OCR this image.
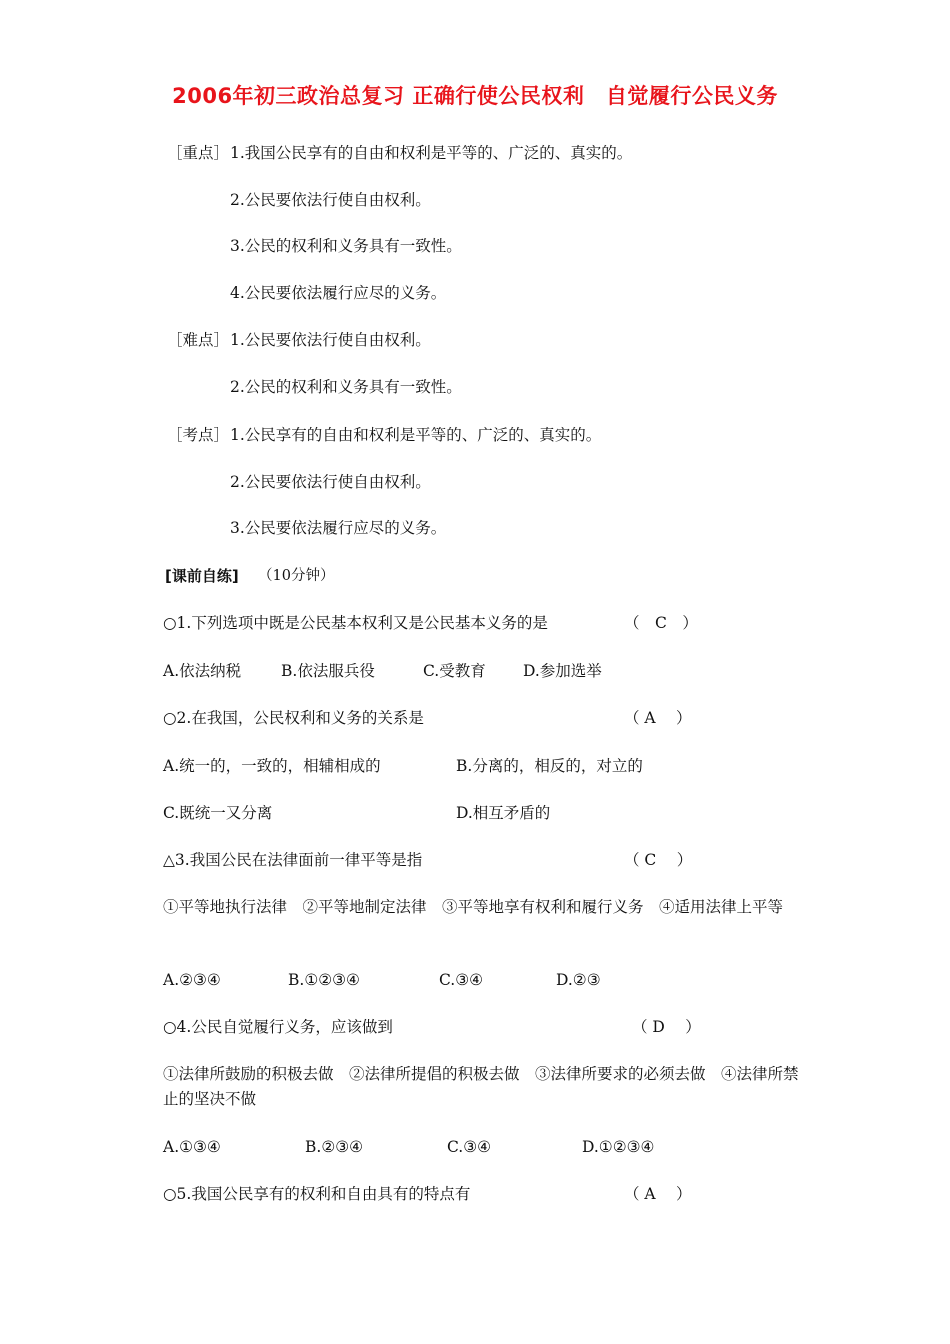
2006年初三政治总复习 正确行使公民权利　自觉履行公民义务
［重点］ 1.我国公民享有的自由和权利是平等的、广泛的、真实的。
2.公民要依法行使自由权利。
3.公民的权利和义务具有一致性。
4.公民要依法履行应尽的义务。
［难点］ 1.公民要依法行使自由权利。
2.公民的权利和义务具有一致性。
［考点］ 1.公民享有的自由和权利是平等的、广泛的、真实的。
2.公民要依法行使自由权利。
3.公民要依法履行应尽的义务。
[课前自练] （10分钟）
○1.下列选项中既是公民基本权利又是公民基本义务的是	（　C　）
A.依法纳税	B.依法服兵役	C.受教育 D.参加选举
○2.在我国，公民权利和义务的关系是	（ A　 ）
A.统一的，一致的，相辅相成的	B.分离的，相反的，对立的
C.既统一又分离	D.相互矛盾的
△3.我国公民在法律面前一律平等是指	（ C　 ）
①平等地执行法律　②平等地制定法律　③平等地享有权利和履行义务　④适用法律上平等
A.②③④	B.①②③④	C.③④	D.②③
○4.公民自觉履行义务，应该做到	（ D　 ）
①法律所鼓励的积极去做　②法律所提倡的积极去做　③法律所要求的必须去做　④法律所禁止的坚决不做
A.①③④	B.②③④	C.③④	D.①②③④
○5.我国公民享有的权利和自由具有的特点有	（ A　 ）
